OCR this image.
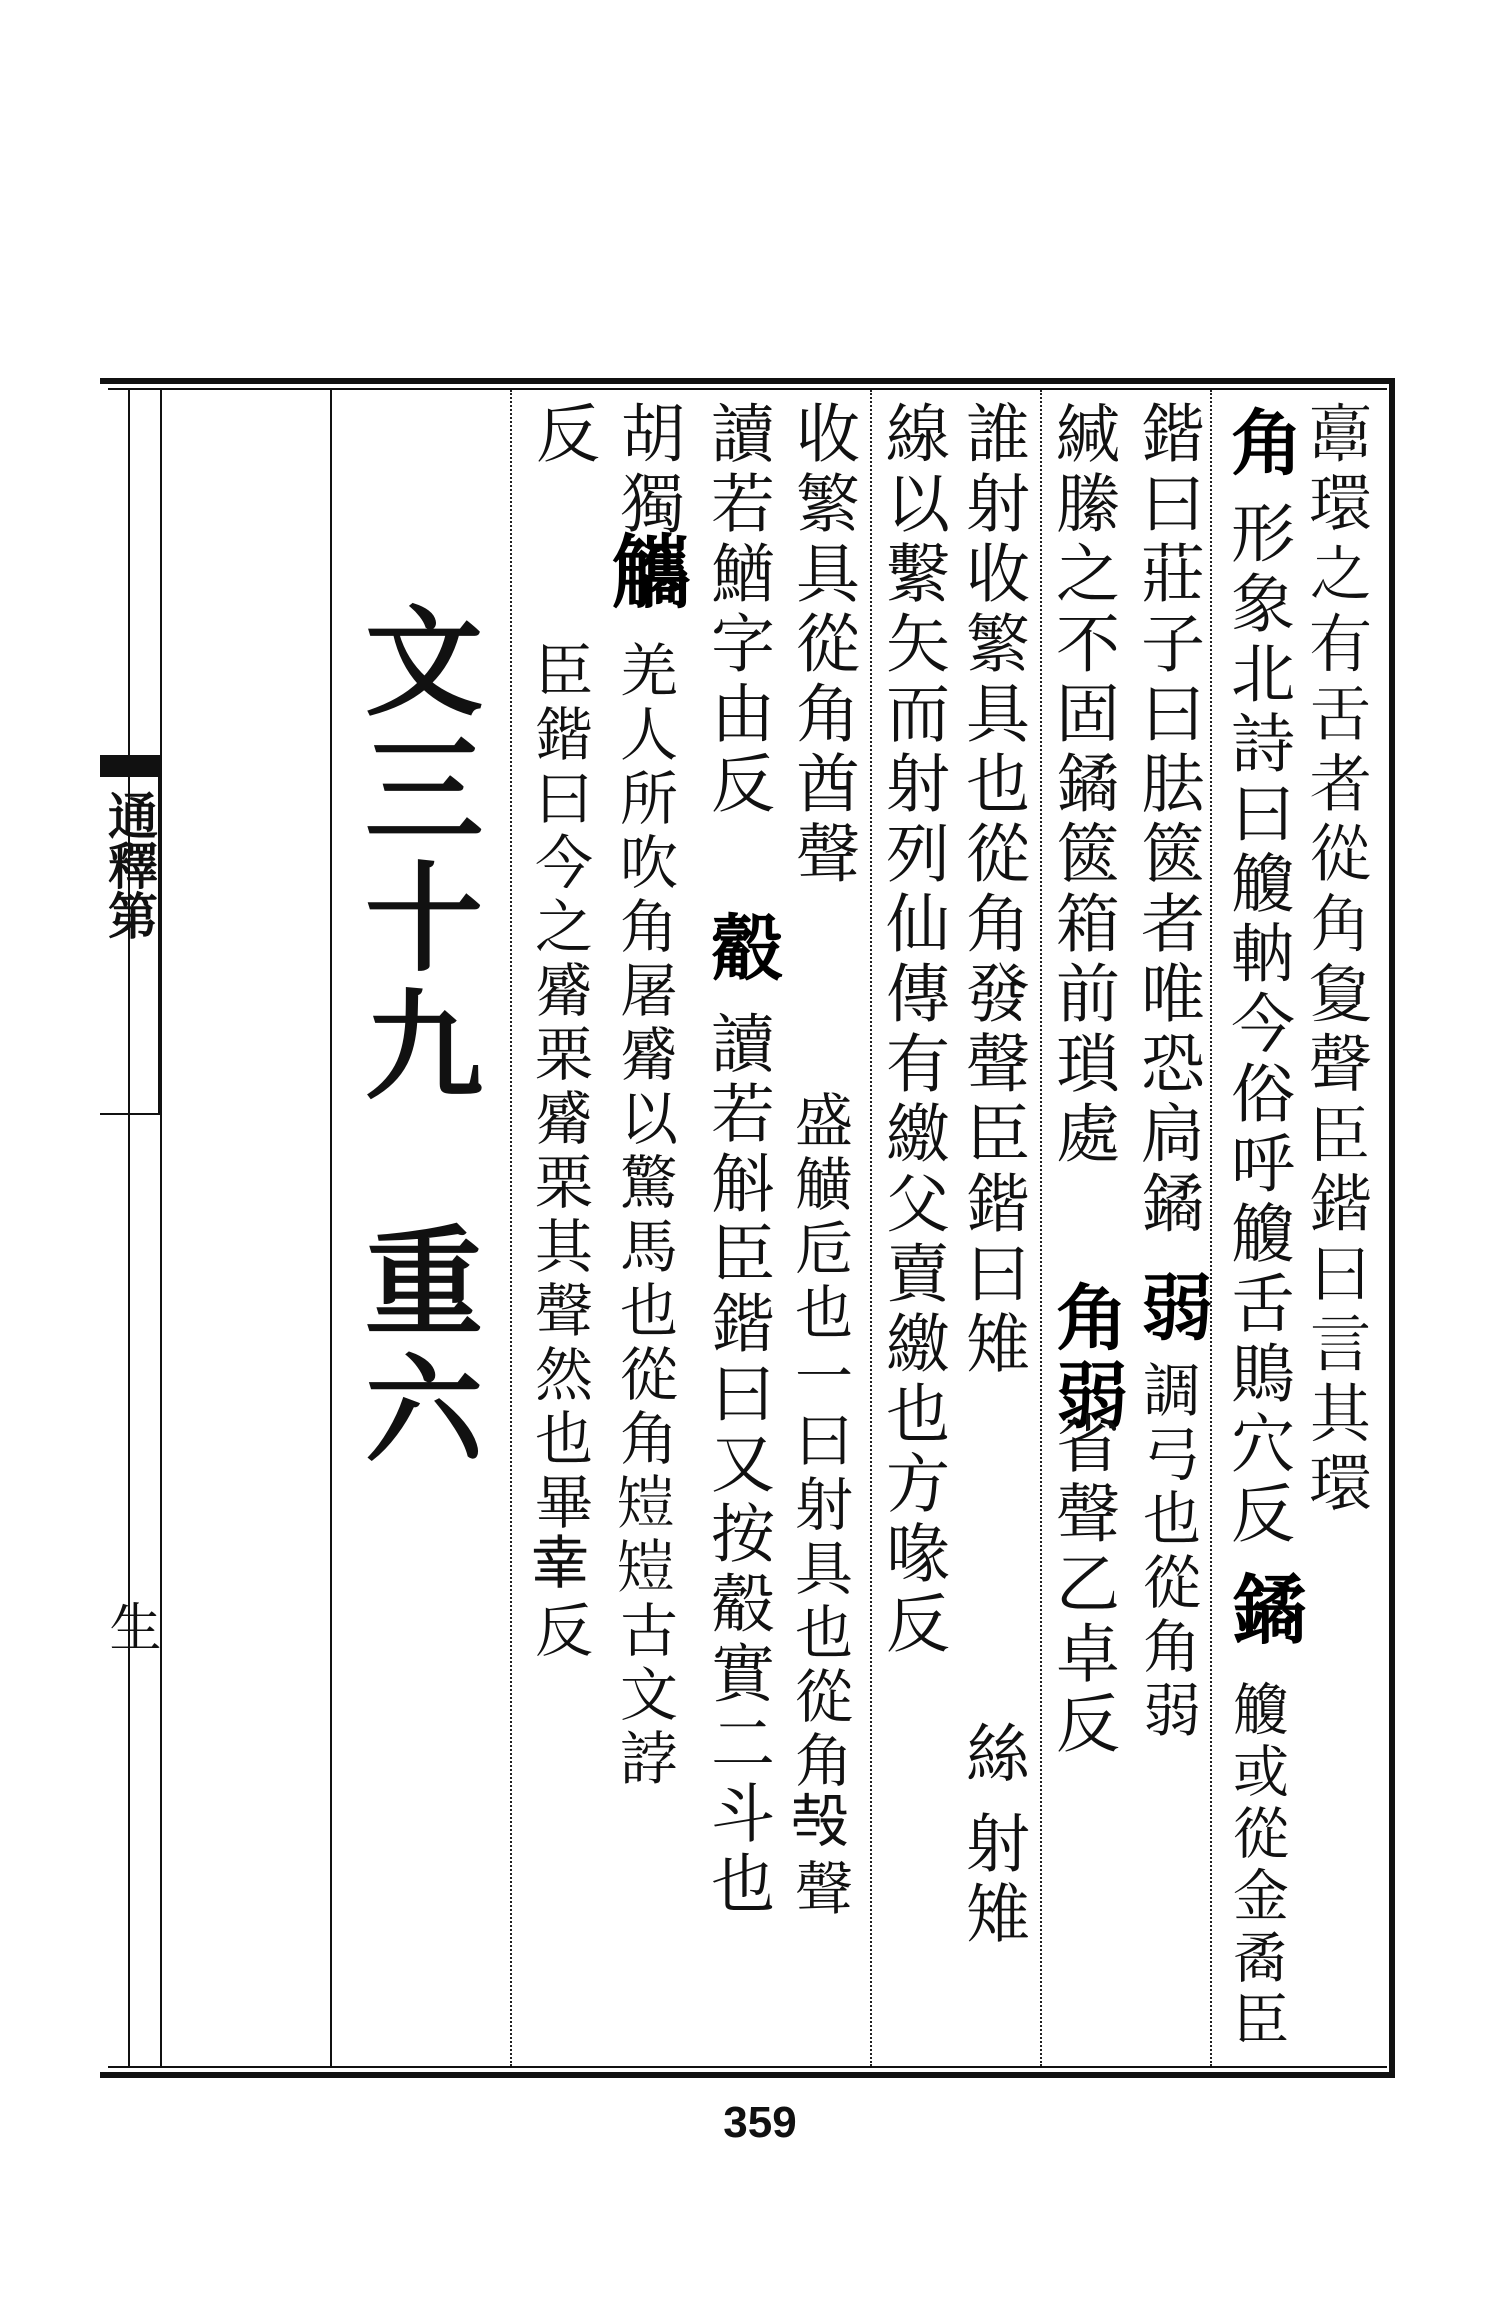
通釋第
生
文三十九
重六	𩫖環之有舌者從角夐聲臣鍇曰言其環
角
形象北詩曰觼軜今俗呼觼舌鵙穴反
觼或從金矞臣
鐍
鍇曰莊子曰胠篋者唯恐扃鐍
弱
調弓也從角弱
緘縢之不固鐍篋箱前瑣處
角弱
省聲乙卓反
誰射收繁具也從角發聲臣鍇曰雉
絲
射雉
線以繫矢而射列仙傳有繳父賣繳也方喙反
收繁具從角酋聲
盛觵卮也一曰射具也從角𣪊聲
讀若鰌字由反
觳
讀若斛臣鍇曰又按觳實二斗也
胡獨
觿
羌人所吹角屠觱以驚馬也從角𥏸𥏸古文誖
反
臣鍇曰今之觱栗觱栗其聲然也畢𦍒反
359
